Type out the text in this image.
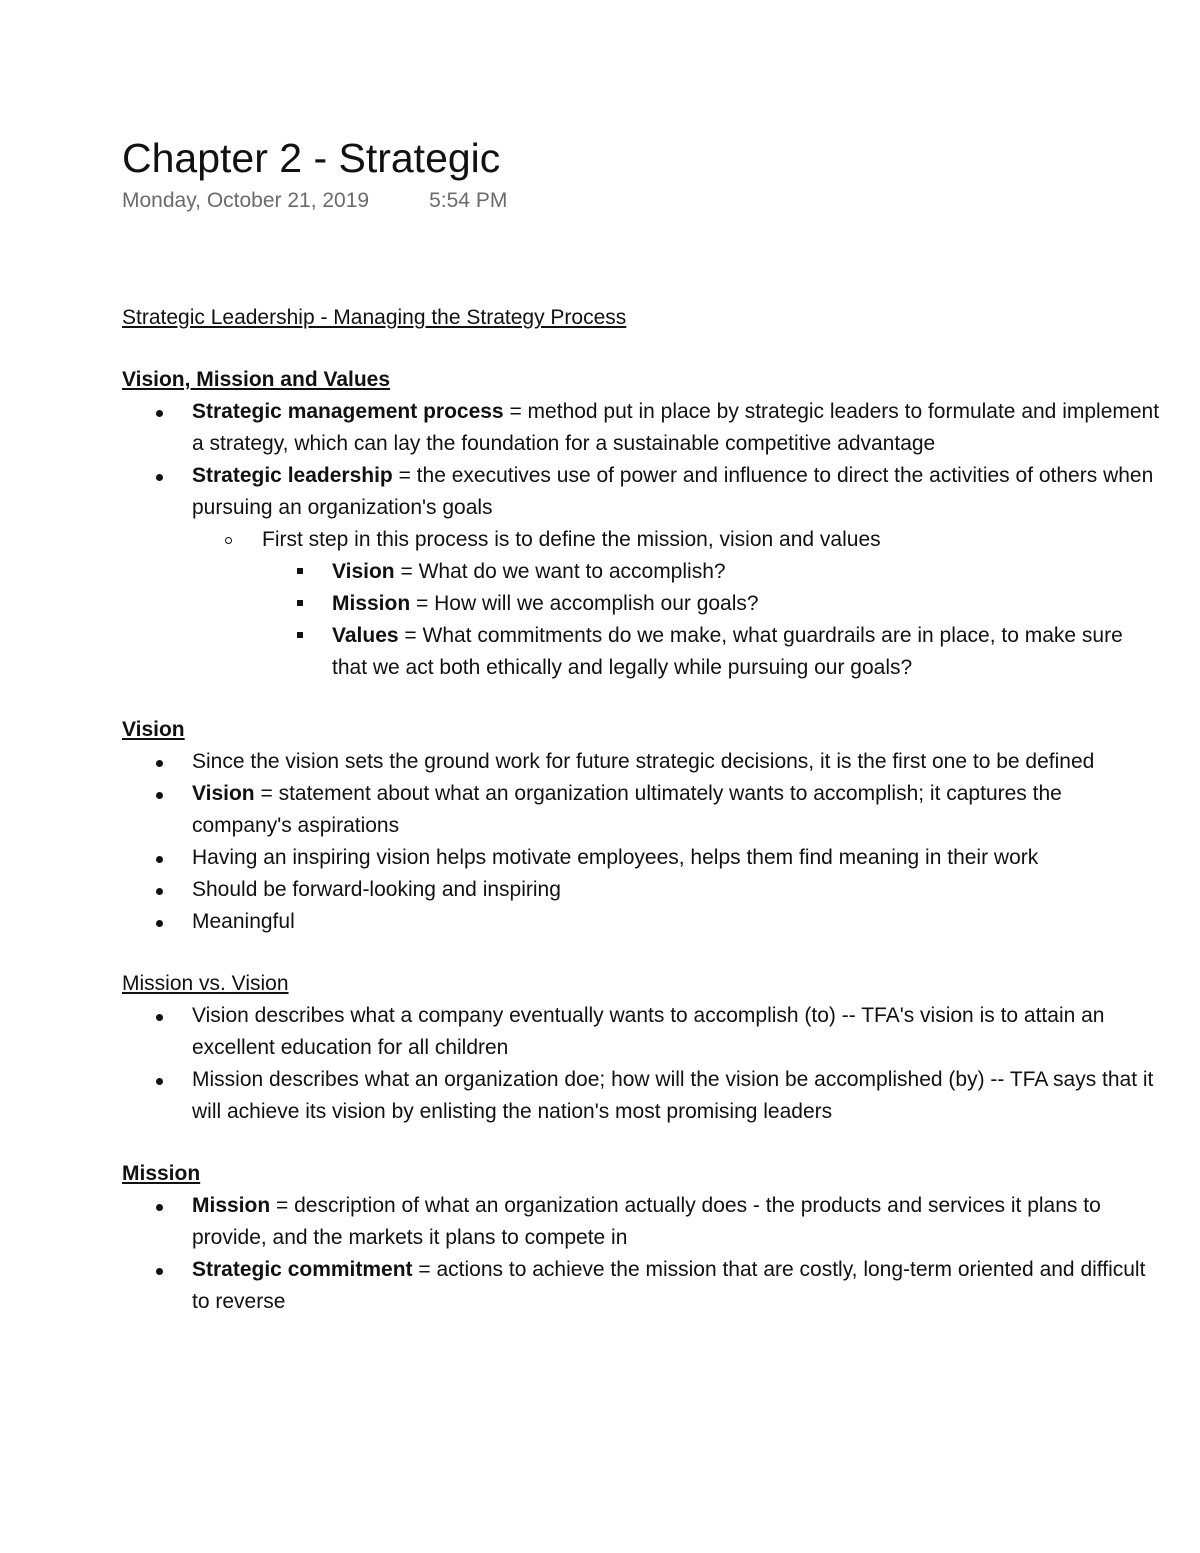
Chapter 2 - Strategic
Monday, October 21, 2019	5:54 PM
Strategic Leadership - Managing the Strategy Process
Vision, Mission and Values
Strategic management process = method put in place by strategic leaders to formulate and implement a strategy, which can lay the foundation for a sustainable competitive advantage
Strategic leadership = the executives use of power and influence to direct the activities of others when pursuing an organization's goals
First step in this process is to define the mission, vision and values
Vision = What do we want to accomplish?
Mission = How will we accomplish our goals?
Values = What commitments do we make, what guardrails are in place, to make sure that we act both ethically and legally while pursuing our goals?
Vision
Since the vision sets the ground work for future strategic decisions, it is the first one to be defined
Vision = statement about what an organization ultimately wants to accomplish; it captures the company's aspirations
Having an inspiring vision helps motivate employees, helps them find meaning in their work
Should be forward-looking and inspiring
Meaningful
Mission vs. Vision
Vision describes what a company eventually wants to accomplish (to) -- TFA's vision is to attain an excellent education for all children
Mission describes what an organization doe; how will the vision be accomplished (by) -- TFA says that it will achieve its vision by enlisting the nation's most promising leaders
Mission
Mission = description of what an organization actually does - the products and services it plans to provide, and the markets it plans to compete in
Strategic commitment = actions to achieve the mission that are costly, long-term oriented and difficult to reverse
